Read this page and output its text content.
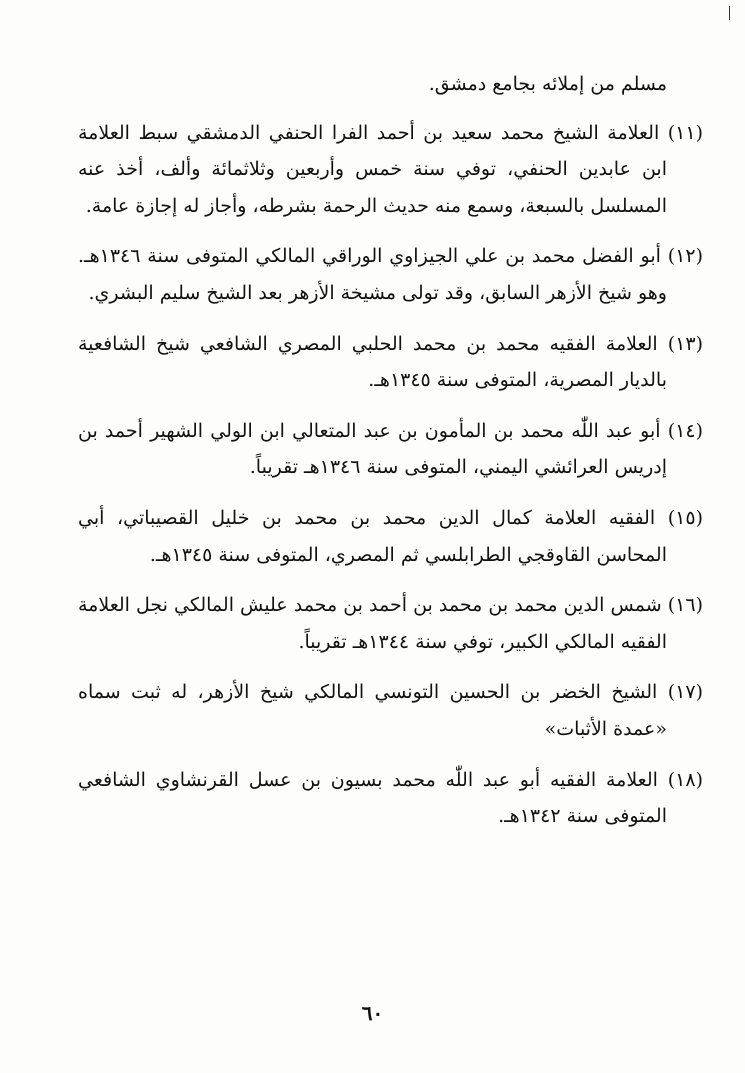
مسلم من إملائه بجامع دمشق.

(١١) العلامة الشيخ محمد سعيد بن أحمد الفرا الحنفي الدمشقي سبط العلامة ابن عابدين الحنفي، توفي سنة خمس وأربعين وثلاثمائة وألف، أخذ عنه المسلسل بالسبعة، وسمع منه حديث الرحمة بشرطه، وأجاز له إجازة عامة.

(١٢) أبو الفضل محمد بن علي الجيزاوي الوراقي المالكي المتوفى سنة ١٣٤٦هـ. وهو شيخ الأزهر السابق، وقد تولى مشيخة الأزهر بعد الشيخ سليم البشري.

(١٣) العلامة الفقيه محمد بن محمد الحلبي المصري الشافعي شيخ الشافعية بالديار المصرية، المتوفى سنة ١٣٤٥هـ.

(١٤) أبو عبد اللّٰه محمد بن المأمون بن عبد المتعالي ابن الولي الشهير أحمد بن إدريس العرائشي اليمني، المتوفى سنة ١٣٤٦هـ تقريباً.

(١٥) الفقيه العلامة كمال الدين محمد بن محمد بن خليل القصيباتي، أبي المحاسن القاوقجي الطرابلسي ثم المصري، المتوفى سنة ١٣٤٥هـ.

(١٦) شمس الدين محمد بن محمد بن أحمد بن محمد عليش المالكي نجل العلامة الفقيه المالكي الكبير، توفي سنة ١٣٤٤هـ تقريباً.

(١٧) الشيخ الخضر بن الحسين التونسي المالكي شيخ الأزهر، له ثبت سماه «عمدة الأثبات»

(١٨) العلامة الفقيه أبو عبد اللّٰه محمد بسيون بن عسل القرنشاوي الشافعي المتوفى سنة ١٣٤٢هـ.

٦٠
